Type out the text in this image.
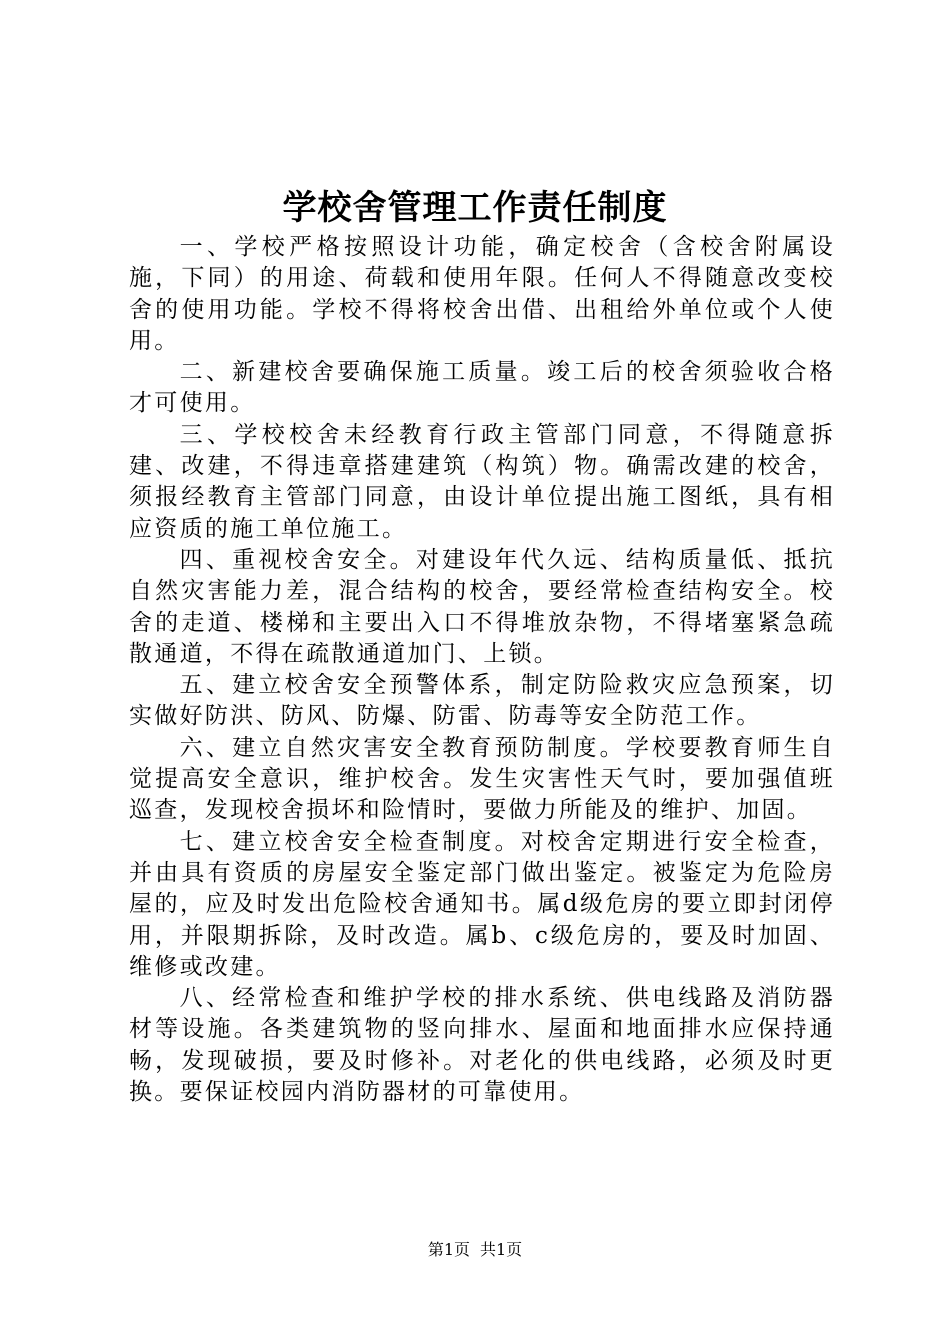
学校舍管理工作责任制度

一、学校严格按照设计功能，确定校舍（含校舍附属设施，下同）的用途、荷载和使用年限。任何人不得随意改变校舍的使用功能。学校不得将校舍出借、出租给外单位或个人使用。

二、新建校舍要确保施工质量。竣工后的校舍须验收合格才可使用。

三、学校校舍未经教育行政主管部门同意，不得随意拆建、改建，不得违章搭建建筑（构筑）物。确需改建的校舍，须报经教育主管部门同意，由设计单位提出施工图纸，具有相应资质的施工单位施工。

四、重视校舍安全。对建设年代久远、结构质量低、抵抗自然灾害能力差，混合结构的校舍，要经常检查结构安全。校舍的走道、楼梯和主要出入口不得堆放杂物，不得堵塞紧急疏散通道，不得在疏散通道加门、上锁。

五、建立校舍安全预警体系，制定防险救灾应急预案，切实做好防洪、防风、防爆、防雷、防毒等安全防范工作。

六、建立自然灾害安全教育预防制度。学校要教育师生自觉提高安全意识，维护校舍。发生灾害性天气时，要加强值班巡查，发现校舍损坏和险情时，要做力所能及的维护、加固。

七、建立校舍安全检查制度。对校舍定期进行安全检查，并由具有资质的房屋安全鉴定部门做出鉴定。被鉴定为危险房屋的，应及时发出危险校舍通知书。属d级危房的要立即封闭停用，并限期拆除，及时改造。属b、c级危房的，要及时加固、维修或改建。

八、经常检查和维护学校的排水系统、供电线路及消防器材等设施。各类建筑物的竖向排水、屋面和地面排水应保持通畅，发现破损，要及时修补。对老化的供电线路，必须及时更换。要保证校园内消防器材的可靠使用。

第1页 共1页
